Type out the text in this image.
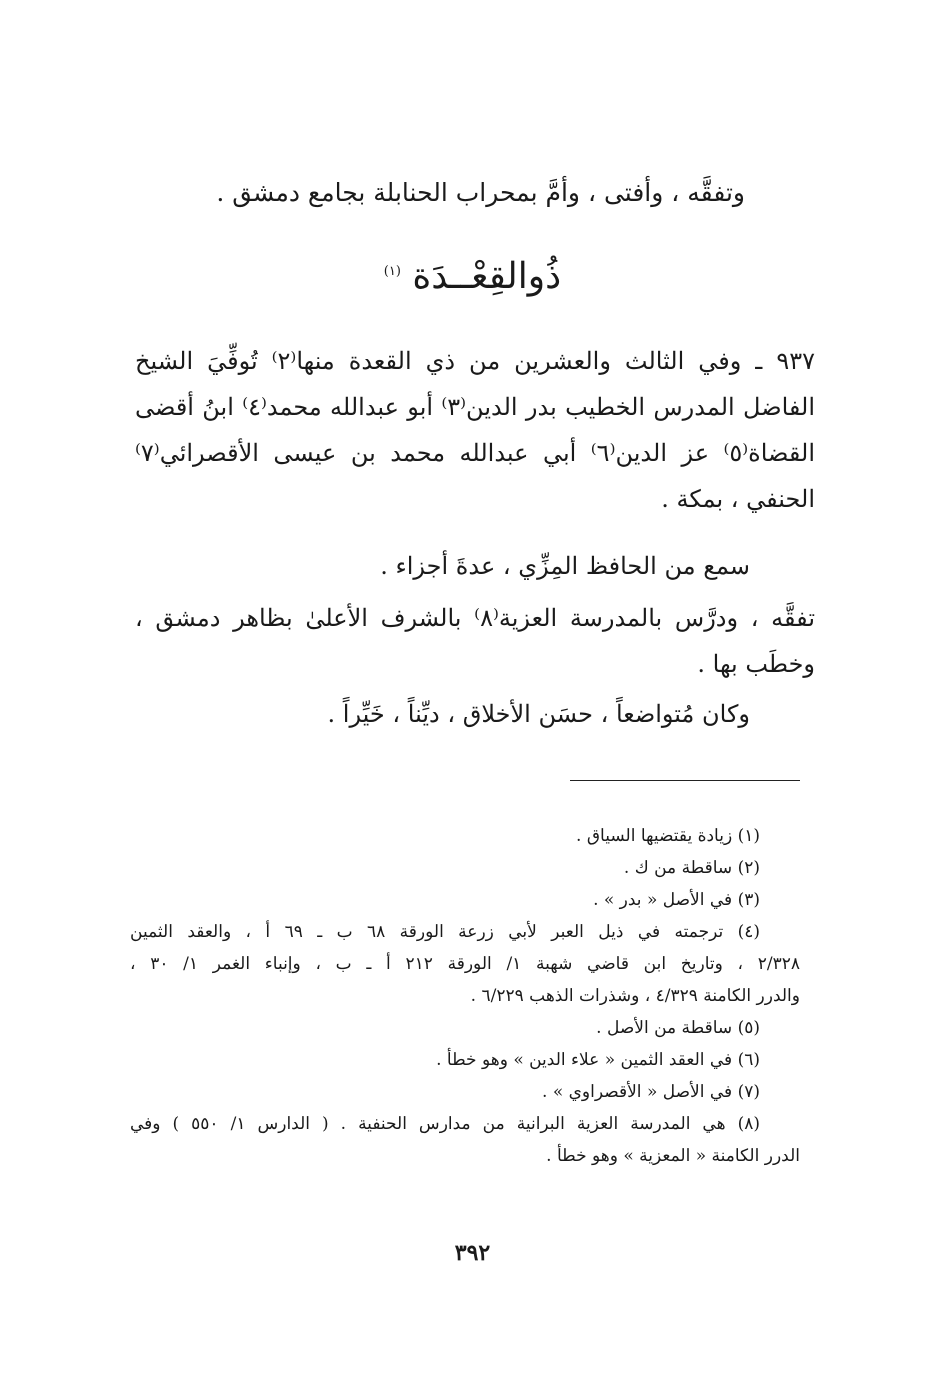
وتفقَّه ، وأفتى ، وأمَّ بمحراب الحنابلة بجامع دمشق .
ذُوالقِعْــدَة $^{(١)}$
٩٣٧ ـ وفي الثالث والعشرين من ذي القعدة منها⁽٢⁾ تُوفِّيَ الشيخ
الفاضل المدرس الخطيب بدر الدين⁽٣⁾ أبو عبدالله محمد⁽٤⁾ ابنُ أقضى
القضاة⁽٥⁾ عز الدين⁽٦⁾ أبي عبدالله محمد بن عيسى الأقصرائي⁽٧⁾
الحنفي ، بمكة .
سمع من الحافظ المِزِّي ، عدةَ أجزاء .
تفقَّه ، ودرَّس بالمدرسة العزية⁽٨⁾ بالشرف الأعلىٰ بظاهر دمشق ،
وخطَب بها .
وكان مُتواضعاً ، حسَن الأخلاق ، ديِّناً ، خَيِّراً .
(١) زيادة يقتضيها السياق .
(٢) ساقطة من ك .
(٣) في الأصل « بدر » .
(٤) ترجمته في ذيل العبر لأبي زرعة الورقة ٦٨ ب ـ ٦٩ أ ، والعقد الثمين
٢/٣٢٨ ، وتاريخ ابن قاضي شهبة ١/ الورقة ٢١٢ أ ـ ب ، وإنباء الغمر ١/ ٣٠ ،
والدرر الكامنة ٤/٣٢٩ ، وشذرات الذهب ٦/٢٢٩ .
(٥) ساقطة من الأصل .
(٦) في العقد الثمين « علاء الدين » وهو خطأ .
(٧) في الأصل « الأقصراوي » .
(٨) هي المدرسة العزية البرانية من مدارس الحنفية . ( الدارس ١/ ٥٥٠ ) وفي
الدرر الكامنة « المعزية » وهو خطأ .
٣٩٢
